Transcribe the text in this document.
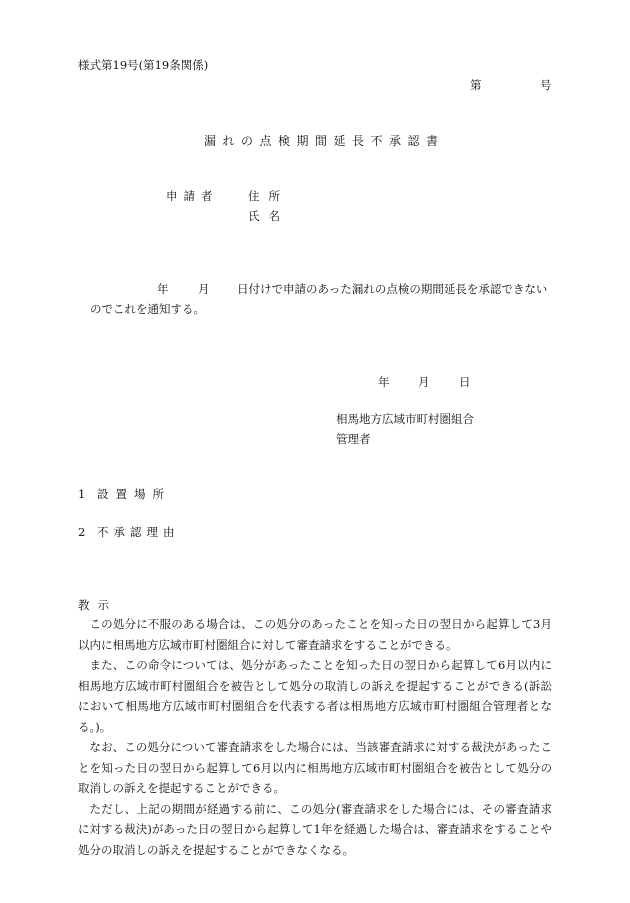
様式第19号(第19条関係)
第	号
漏れの点検期間延長不承認書
申請者	住所
氏名
年	月 日付けで申請のあった漏れの点検の期間延長を承認できない
のでこれを通知する。
年 月	日
相馬地方広域市町村圏組合
管理者
1 設置場所
2 不承認理由
教示

この処分に不服のある場合は、この処分のあったことを知った日の翌日から起算して3月以内に相馬地方広域市町村圏組合に対して審査請求をすることができる。

また、この命令については、処分があったことを知った日の翌日から起算して6月以内に相馬地方広域市町村圏組合を被告として処分の取消しの訴えを提起することができる(訴訟において相馬地方広域市町村圏組合を代表する者は相馬地方広域市町村圏組合管理者となる。)。

なお、この処分について審査請求をした場合には、当該審査請求に対する裁決があったことを知った日の翌日から起算して6月以内に相馬地方広域市町村圏組合を被告として処分の取消しの訴えを提起することができる。

ただし、上記の期間が経過する前に、この処分(審査請求をした場合には、その審査請求に対する裁決)があった日の翌日から起算して1年を経過した場合は、審査請求をすることや処分の取消しの訴えを提起することができなくなる。
